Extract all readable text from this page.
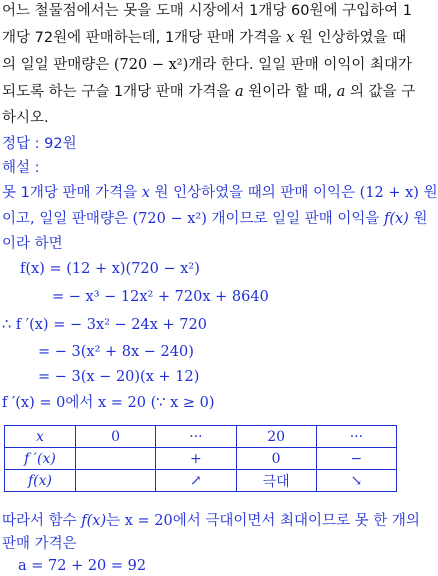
어느 철물점에서는 못을 도매 시장에서 1개당 60원에 구입하여 1
개당 72원에 판매하는데, 1개당 판매 가격을 x 원 인상하였을 때
의 일일 판매량은 (720 − x²)개라 한다. 일일 판매 이익이 최대가
되도록 하는 구슬 1개당 판매 가격을 a 원이라 할 때, a 의 값을 구
하시오.
정답 : 92원
해설 :
못 1개당 판매 가격을 x 원 인상하였을 때의 판매 이익은 (12 + x) 원
이고, 일일 판매량은 (720 − x²) 개이므로 일일 판매 이익을 f(x) 원
이라 하면
f(x) = (12 + x)(720 − x²)
= − x³ − 12x² + 720x + 8640
∴ f ′(x) = − 3x² − 24x + 720
= − 3(x² + 8x − 240)
= − 3(x − 20)(x + 12)
f ′(x) = 0에서 x = 20 (∵ x ≥ 0)
x	0	···	20	···
f ′(x)		+	0	−
f(x)		↗	극대	↘
따라서 함수 f(x)는 x = 20에서 극대이면서 최대이므로 못 한 개의
판매 가격은
a = 72 + 20 = 92
